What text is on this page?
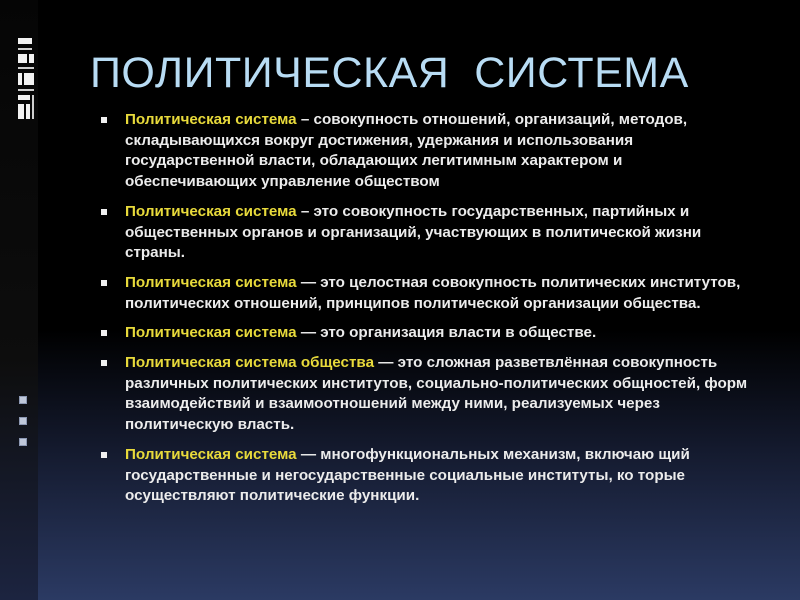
ПОЛИТИЧЕСКАЯ  СИСТЕМА
Политическая система – совокупность отношений, организаций, методов, складывающихся вокруг достижения, удержания и использования государственной власти, обладающих легитимным характером и обеспечивающих управление обществом
Политическая система – это совокупность государственных, партийных и общественных органов и организаций, участвующих в политической жизни страны.
Политическая система — это целостная совокупность политических институтов, политических отношений, принципов политической организации общества.
Политическая система — это организация власти в обществе.
Политическая система общества — это сложная разветвлённая совокупность различных политических институтов, социально-политических общностей, форм взаимодействий и взаимоотношений между ними, реализуемых через политическую власть.
Политическая система — многофункциональных механизм, включаю щий государственные и негосударственные социальные институты, ко торые осуществляют политические функции.
